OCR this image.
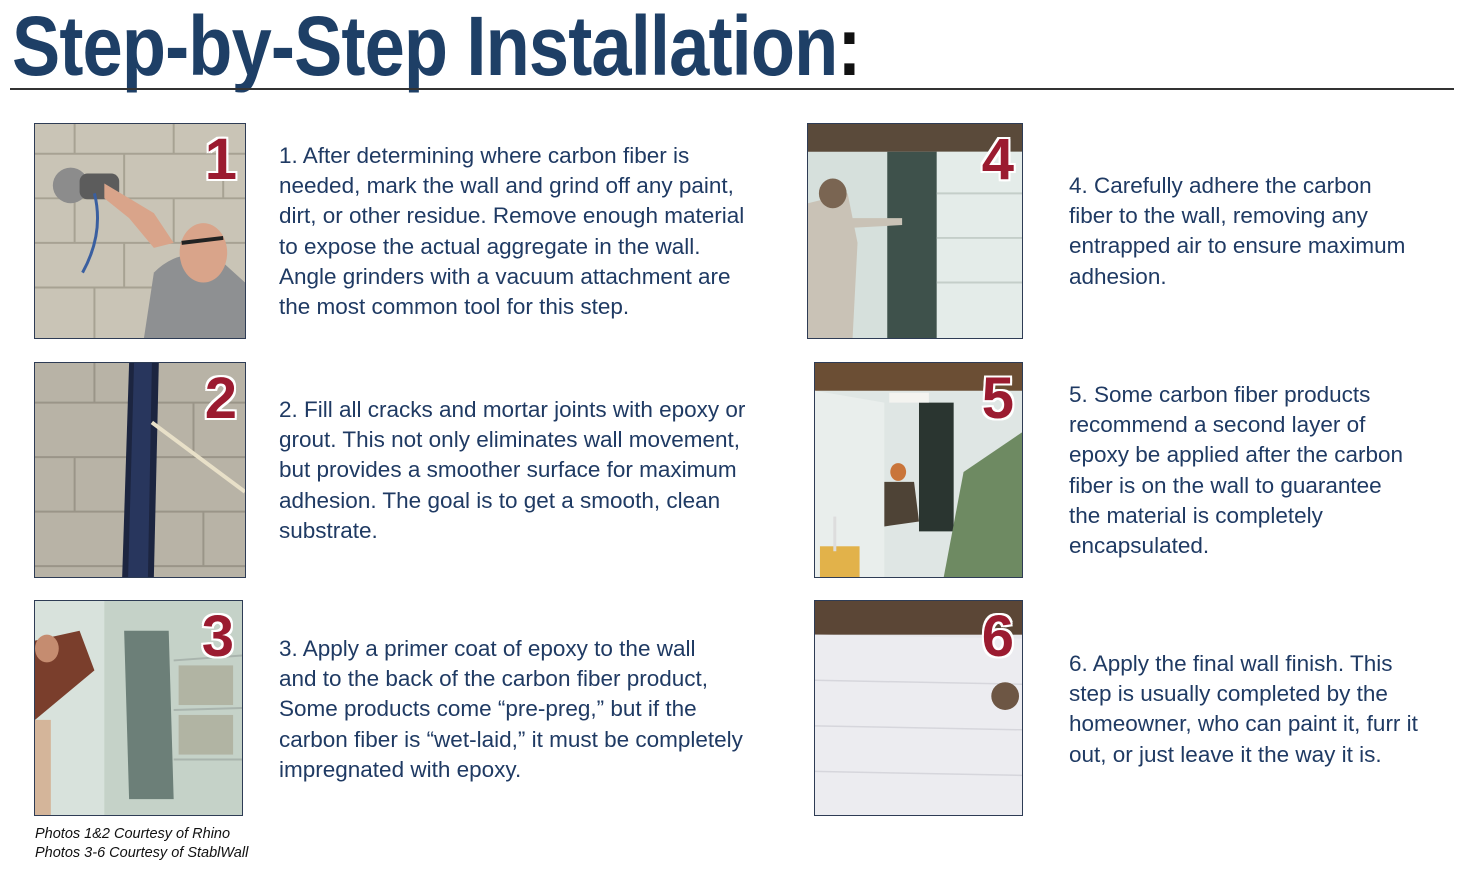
Step-by-Step Installation:
1
2
3
4
5
6
1. After determining where carbon fiber is
needed, mark the wall and grind off any paint,
dirt, or other residue. Remove enough material
to expose the actual aggregate in the wall.
Angle grinders with a vacuum attachment are
the most common tool for this step.
2. Fill all cracks and mortar joints with epoxy or
grout. This not only eliminates wall movement,
but provides a smoother surface for maximum
adhesion. The goal is to get a smooth, clean
substrate.
3. Apply a primer coat of epoxy to the wall
and to the back of the carbon fiber product,
Some products come “pre-preg,” but if the
carbon fiber is “wet-laid,” it must be completely
impregnated with epoxy.
4. Carefully adhere the carbon
fiber to the wall, removing any
entrapped air to ensure maximum
adhesion.
5. Some carbon fiber products
recommend a second layer of
epoxy be applied after the carbon
fiber is on the wall to guarantee
the material is completely
encapsulated.
6. Apply the final wall finish. This
step is usually completed by the
homeowner, who can paint it, furr it
out, or just leave it the way it is.
Photos 1&2 Courtesy of Rhino
Photos 3-6 Courtesy of StablWall
